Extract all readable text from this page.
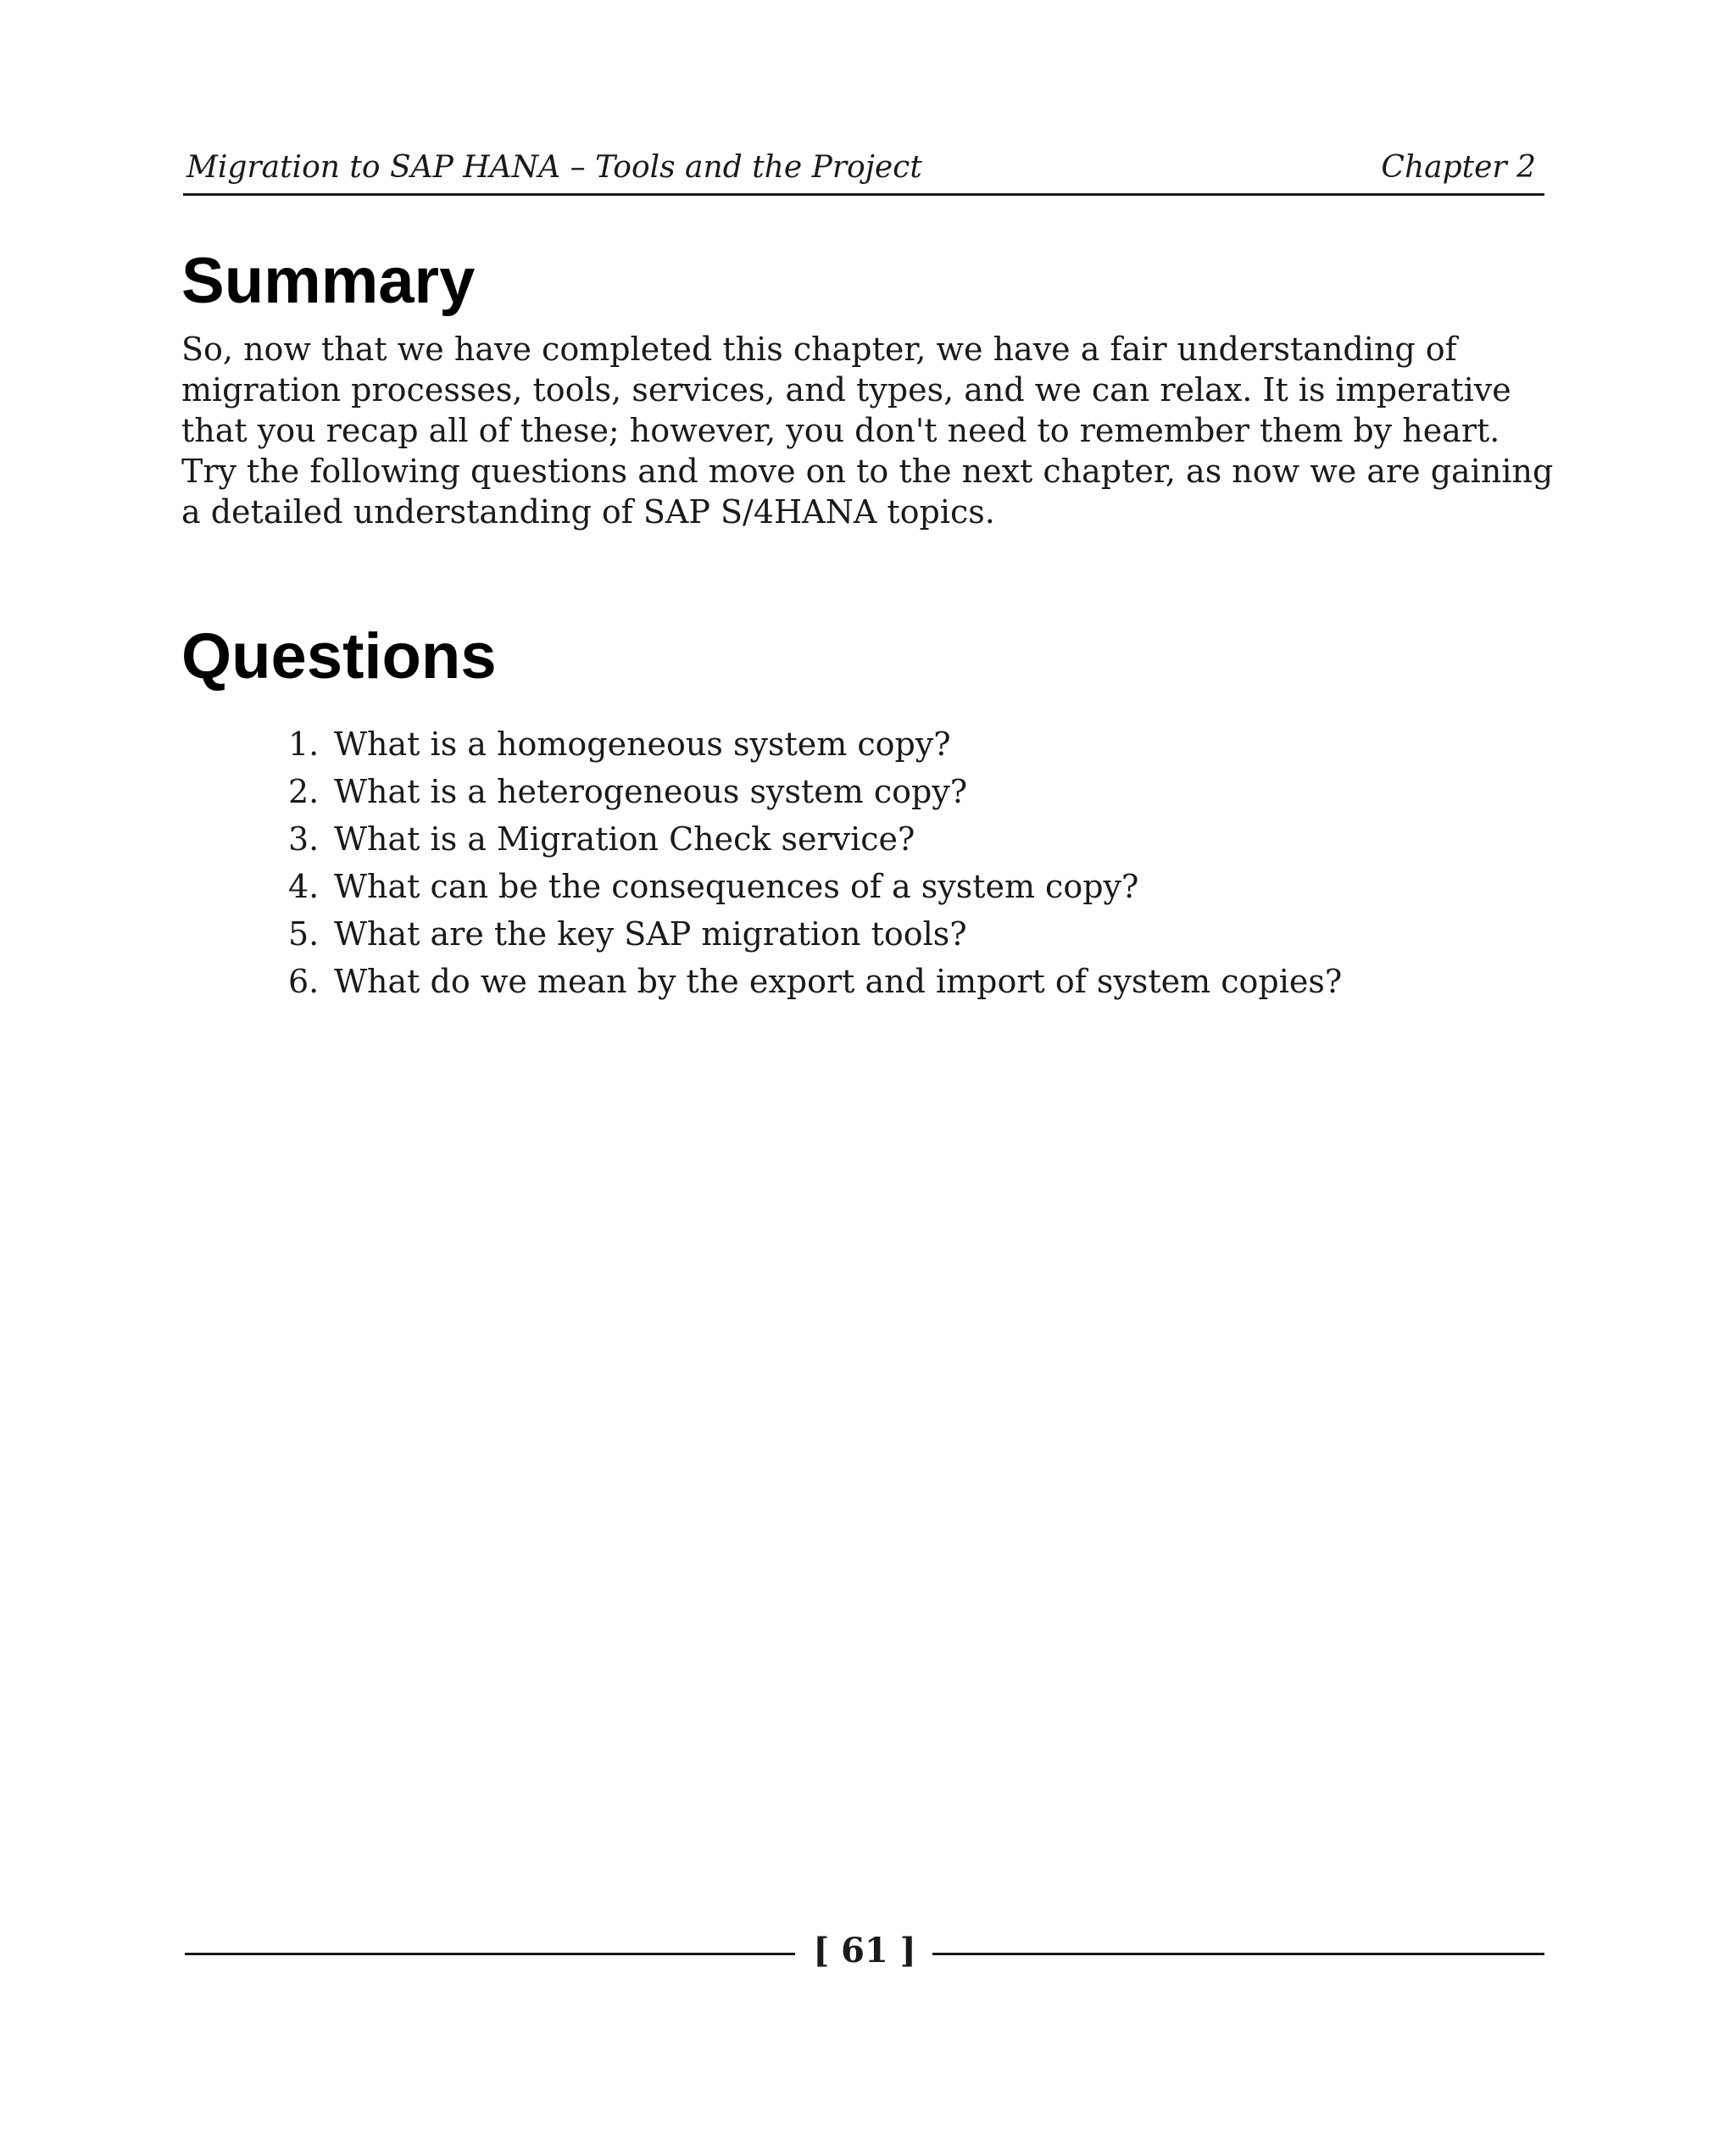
Migration to SAP HANA – Tools and the Project	Chapter 2
Summary

So, now that we have completed this chapter, we have a fair understanding of migration processes, tools, services, and types, and we can relax. It is imperative that you recap all of these; however, you don't need to remember them by heart. Try the following questions and move on to the next chapter, as now we are gaining a detailed understanding of SAP S/4HANA topics.

Questions
1. What is a homogeneous system copy?
2. What is a heterogeneous system copy?
3. What is a Migration Check service?
4. What can be the consequences of a system copy?
5. What are the key SAP migration tools?
6. What do we mean by the export and import of system copies?
[ 61 ]
